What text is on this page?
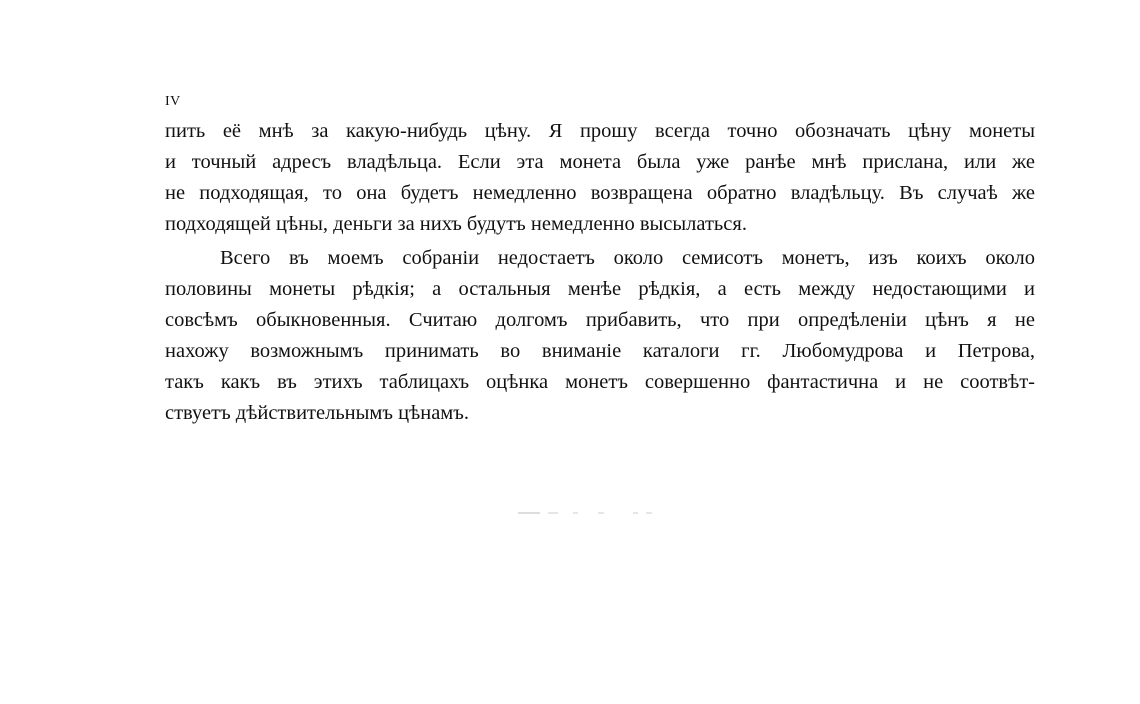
IV
пить её мнѣ за какую-нибудь цѣну. Я прошу всегда точно обозначать цѣну монеты
и точный адресъ владѣльца. Если эта монета была уже ранѣе мнѣ прислана, или же
не подходящая, то она будетъ немедленно возвращена обратно владѣльцу. Въ случаѣ же
подходящей цѣны, деньги за нихъ будутъ немедленно высылаться.
Всего въ моемъ собранiи недостаетъ около семисотъ монетъ, изъ коихъ около
половины монеты рѣдкiя; а остальныя менѣе рѣдкiя, а есть между недостающими и
совсѣмъ обыкновенныя. Считаю долгомъ прибавить, что при опредѣленiи цѣнъ я не
нахожу возможнымъ принимать во вниманiе каталоги гг. Любомудрова и Петрова,
такъ какъ въ этихъ таблицахъ оцѣнка монетъ совершенно фантастична и не соотвѣт-
ствуетъ дѣйствительнымъ цѣнамъ.
